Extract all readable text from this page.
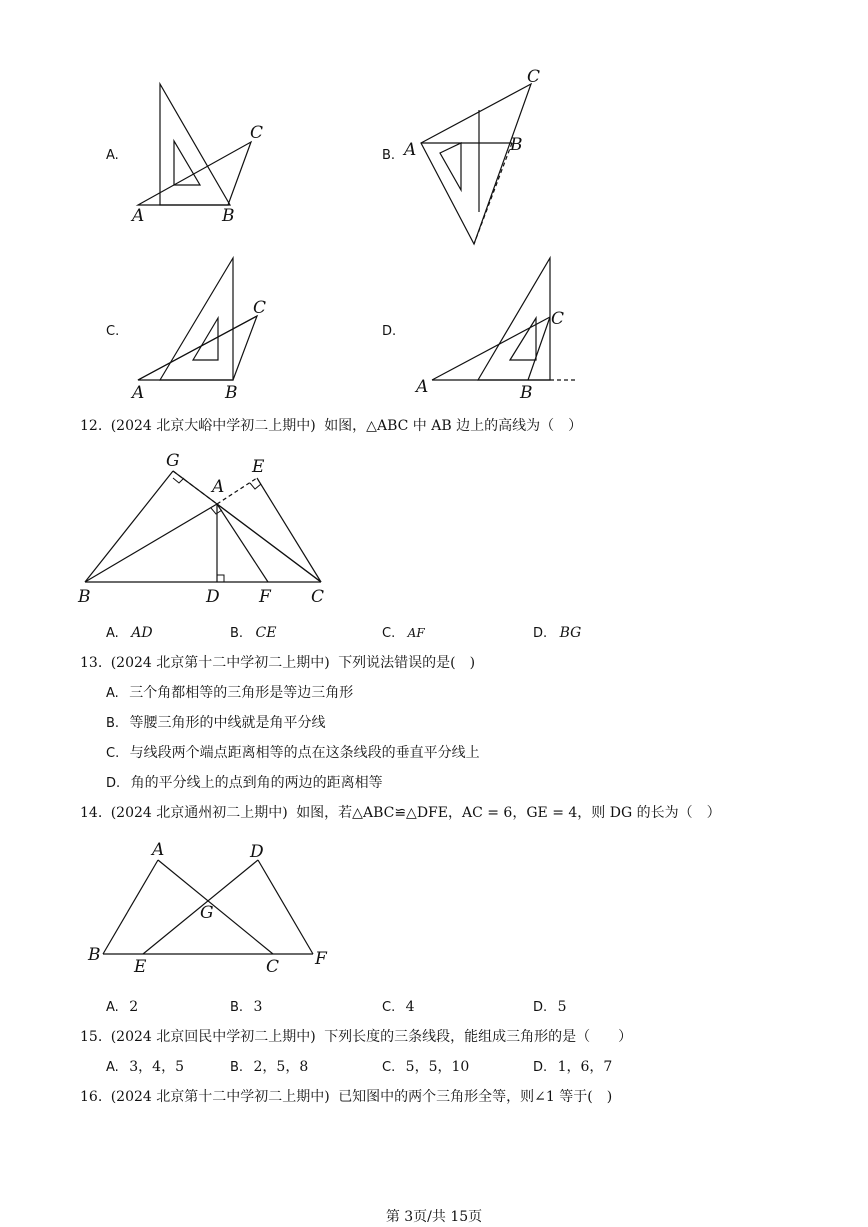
A.
A	B
C
B. A	B
C
C.
A	B
C
D.
A	B
C
12. (2024 北京大峪中学初二上期中) 如图，△ABC 中 AB 边上的高线为（　）
G
A
E
B	D F C
A. AD	B. CE	C. AF	D. BG
13. (2024 北京第十二中学初二上期中) 下列说法错误的是(　)
A. 三个角都相等的三角形是等边三角形
B. 等腰三角形的中线就是角平分线
C. 与线段两个端点距离相等的点在这条线段的垂直平分线上
D. 角的平分线上的点到角的两边的距离相等
14. (2024 北京通州初二上期中) 如图，若△ABC≌△DFE，AC = 6，GE = 4，则 DG 的长为（　）
A	D
G
B
E	C F
A. 2	B. 3	C. 4	D. 5
15. (2024 北京回民中学初二上期中) 下列长度的三条线段，能组成三角形的是（　　）
A. 3，4，5	B. 2，5，8	C. 5，5，10	D. 1，6，7
16. (2024 北京第十二中学初二上期中) 已知图中的两个三角形全等，则∠1 等于(　)
第 3页/共 15页
